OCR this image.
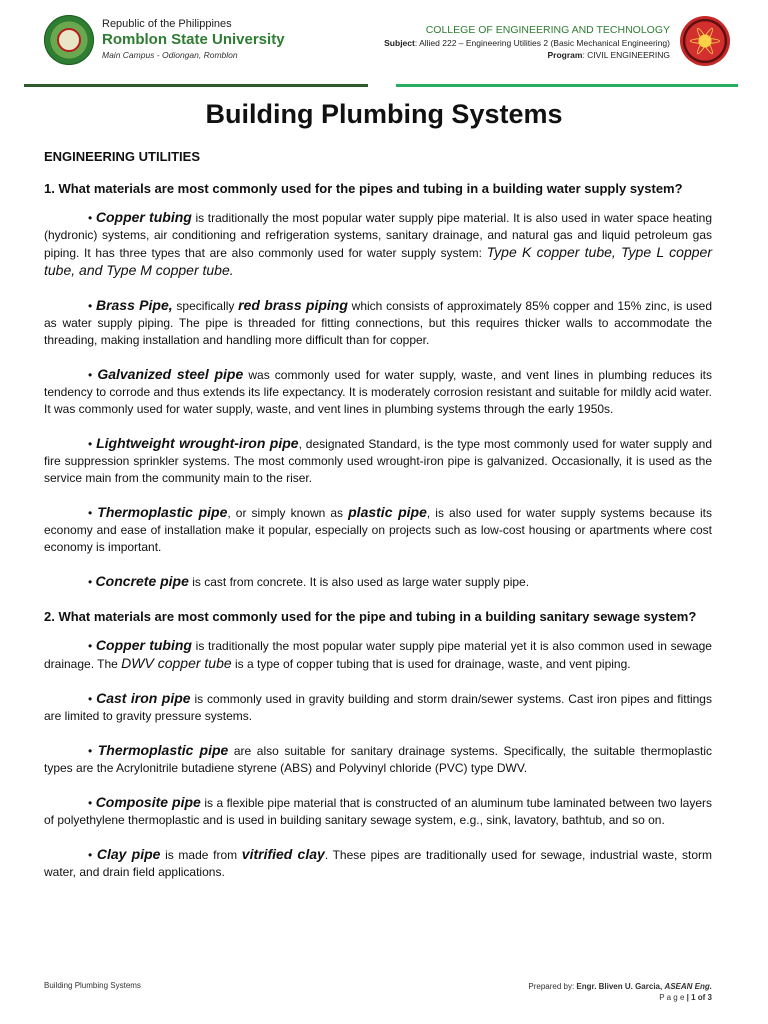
Republic of the Philippines
Romblon State University
Main Campus - Odiongan, Romblon
COLLEGE OF ENGINEERING AND TECHNOLOGY
Subject: Allied 222 – Engineering Utilities 2 (Basic Mechanical Engineering)
Program: CIVIL ENGINEERING
Building Plumbing Systems
ENGINEERING UTILITIES
1. What materials are most commonly used for the pipes and tubing in a building water supply system?

• Copper tubing is traditionally the most popular water supply pipe material. It is also used in water space heating (hydronic) systems, air conditioning and refrigeration systems, sanitary drainage, and natural gas and liquid petroleum gas piping. It has three types that are also commonly used for water supply system: Type K copper tube, Type L copper tube, and Type M copper tube.

• Brass Pipe, specifically red brass piping which consists of approximately 85% copper and 15% zinc, is used as water supply piping. The pipe is threaded for fitting connections, but this requires thicker walls to accommodate the threading, making installation and handling more difficult than for copper.

• Galvanized steel pipe was commonly used for water supply, waste, and vent lines in plumbing reduces its tendency to corrode and thus extends its life expectancy. It is moderately corrosion resistant and suitable for mildly acid water. It was commonly used for water supply, waste, and vent lines in plumbing systems through the early 1950s.

• Lightweight wrought-iron pipe, designated Standard, is the type most commonly used for water supply and fire suppression sprinkler systems. The most commonly used wrought-iron pipe is galvanized. Occasionally, it is used as the service main from the community main to the riser.

• Thermoplastic pipe, or simply known as plastic pipe, is also used for water supply systems because its economy and ease of installation make it popular, especially on projects such as low-cost housing or apartments where cost economy is important.

• Concrete pipe is cast from concrete. It is also used as large water supply pipe.

2. What materials are most commonly used for the pipe and tubing in a building sanitary sewage system?

• Copper tubing is traditionally the most popular water supply pipe material yet it is also common used in sewage drainage. The DWV copper tube is a type of copper tubing that is used for drainage, waste, and vent piping.

• Cast iron pipe is commonly used in gravity building and storm drain/sewer systems. Cast iron pipes and fittings are limited to gravity pressure systems.

• Thermoplastic pipe are also suitable for sanitary drainage systems. Specifically, the suitable thermoplastic types are the Acrylonitrile butadiene styrene (ABS) and Polyvinyl chloride (PVC) type DWV.

• Composite pipe is a flexible pipe material that is constructed of an aluminum tube laminated between two layers of polyethylene thermoplastic and is used in building sanitary sewage system, e.g., sink, lavatory, bathtub, and so on.

• Clay pipe is made from vitrified clay. These pipes are traditionally used for sewage, industrial waste, storm water, and drain field applications.

Building Plumbing Systems	Prepared by: Engr. Bliven U. Garcia, ASEAN Eng.
P a g e | 1 of 3
